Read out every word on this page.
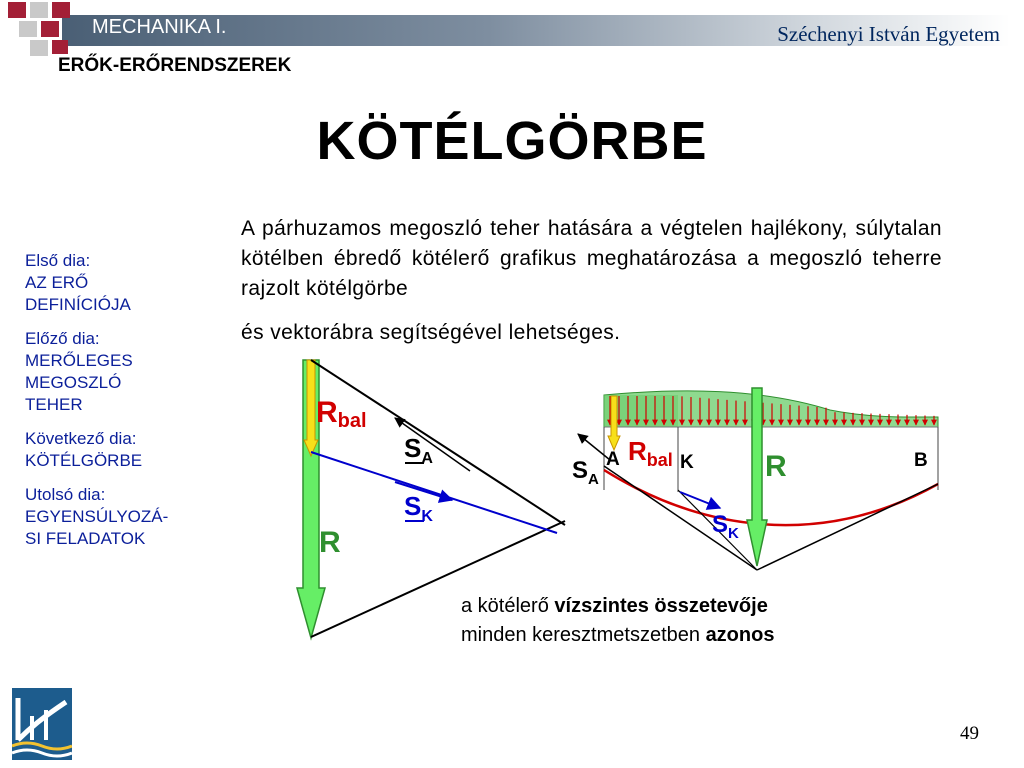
MECHANIKA I.	Széchenyi István Egyetem
ERŐK-ERŐRENDSZEREK
KÖTÉLGÖRBE
Első dia:
AZ ERŐ
DEFINÍCIÓJA
Előző dia:
MERŐLEGES
MEGOSZLÓ
TEHER
Következő dia:
KÖTÉLGÖRBE
Utolsó dia:
EGYENSÚLYOZÁ-
SI FELADATOK
A párhuzamos megoszló teher hatására a végtelen hajlékony, súlytalan kötélben ébredő kötélerő grafikus meghatározása a megoszló teherre rajzolt kötélgörbe
és vektorábra segítségével lehetséges.
Rbal
SA
SK
R
SA
A Rbal K R	B
SK
a kötélerő vízszintes összetevője
minden keresztmetszetben azonos
49
